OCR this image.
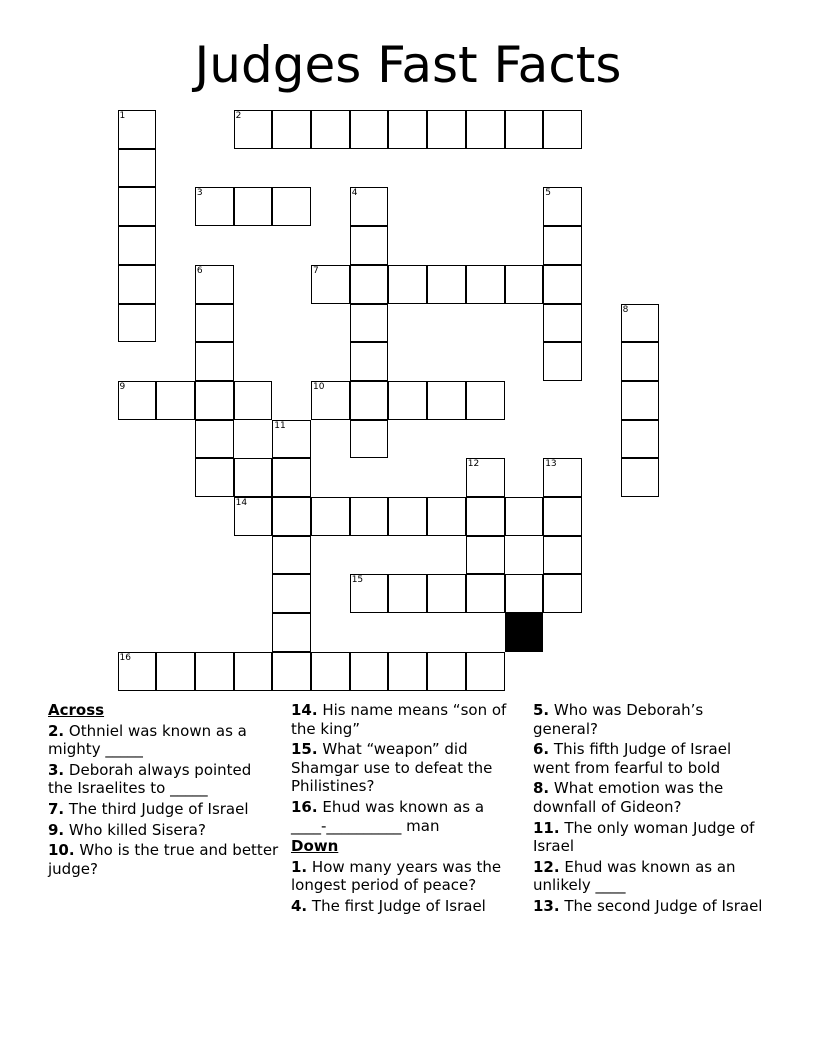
Judges Fast Facts
2
3
7
9	10
14
15
16
1
4	5
6
8
11
12	13
Across
2. Othniel was known as a mighty _____
3. Deborah always pointed the Israelites to _____
7. The third Judge of Israel
9. Who killed Sisera?
10. Who is the true and better judge?
14. His name means “son of the king”
15. What “weapon” did Shamgar use to defeat the Philistines?
16. Ehud was known as a ____-__________ man
Down
1. How many years was the longest period of peace?
4. The first Judge of Israel
5. Who was Deborah’s general?
6. This fifth Judge of Israel went from fearful to bold
8. What emotion was the downfall of Gideon?
11. The only woman Judge of Israel
12. Ehud was known as an unlikely ____
13. The second Judge of Israel
